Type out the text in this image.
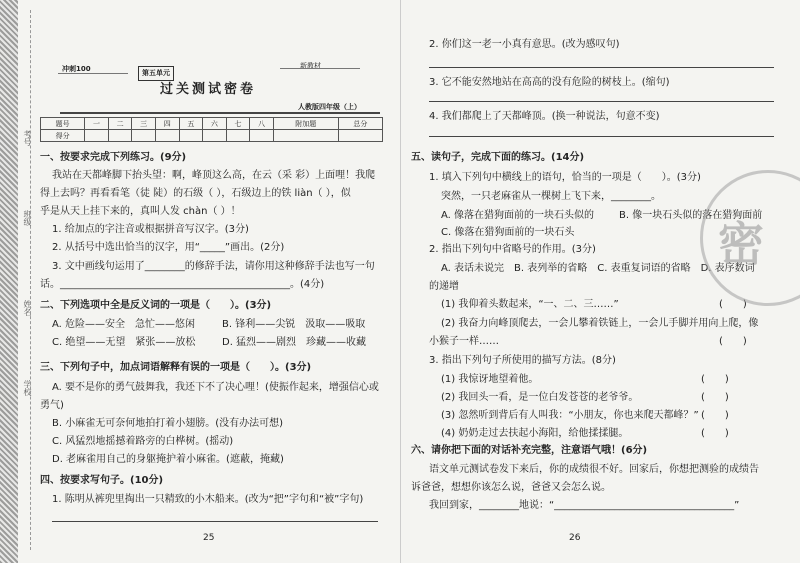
学校
姓名
班级
考号
冲刺100	第五单元
新教材
过关测试密卷
人教版四年级（上）
题号	一	二	三	四	五	六	七	八	附加题	总分
得分										
一、按要求完成下列练习。(9分)
我站在天都峰脚下抬头望：啊，峰顶这么高，在云（采 彩）上面哩！我爬
得上去吗？再看看笔（徒 陡）的石级（ ），石级边上的铁 liàn（ ），似
乎是从天上挂下来的，真叫人发 chàn（ ）！
1. 给加点的字注音或根据拼音写汉字。(3分)
2. 从括号中选出恰当的汉字，用“_____”画出。(2分)
3. 文中画线句运用了________的修辞手法，请你用这种修辞手法也写一句
话。______________________________________________。(4分)
二、下列选项中全是反义词的一项是（　　）。(3分)
A. 危险——安全　急忙——悠闲	B. 锋利——尖锐　汲取——吸取
C. 绝望——无望　紧张——放松	D. 猛烈——剧烈　珍藏——收藏
三、下列句子中，加点词语解释有误的一项是（　　）。(3分)
A. 要不是你的勇气鼓舞我，我还下不了决心哩！(使振作起来，增强信心或
勇气)
B. 小麻雀无可奈何地拍打着小翅膀。(没有办法可想)
C. 风猛烈地摇撼着路旁的白桦树。(摇动)
D. 老麻雀用自己的身躯掩护着小麻雀。(遮蔽，掩藏)
四、按要求写句子。(10分)
1. 陈明从裤兜里掏出一只精致的小木船来。(改为“把”字句和“被”字句)
25
2. 你们这一老一小真有意思。(改为感叹句)
3. 它不能安然地站在高高的没有危险的树枝上。(缩句)
4. 我们都爬上了天都峰顶。(换一种说法，句意不变)
五、读句子，完成下面的练习。(14分)
1. 填入下列句中横线上的语句，恰当的一项是（　　）。(3分)
突然，一只老麻雀从一棵树上飞下来，________。
A. 像落在猎狗面前的一块石头似的 B. 像一块石头似的落在猎狗面前
C. 像落在猎狗面前的一块石头
2. 指出下列句中省略号的作用。(3分)
A. 表话未说完　B. 表列举的省略　C. 表重复词语的省略　D. 表序数词
的递增
(1) 我仰着头数起来，“一、二、三……”	(　　)
(2) 我奋力向峰顶爬去，一会儿攀着铁链上，一会儿手脚并用向上爬，像
小猴子一样……	(　　)
3. 指出下列句子所使用的描写方法。(8分)
(1) 我惊讶地望着他。	(　　)
(2) 我回头一看，是一位白发苍苍的老爷爷。	(　　)
(3) 忽然听到背后有人叫我：“小朋友，你也来爬天都峰？” (　　)
(4) 奶奶走过去扶起小海阳，给他揉揉腿。	(　　)
六、请你把下面的对话补充完整，注意语气哦！(6分)
语文单元测试卷发下来后，你的成绩很不好。回家后，你想把测验的成绩告
诉爸爸，想想你该怎么说，爸爸又会怎么说。
我回到家，________地说：“____________________________________”
26
密
